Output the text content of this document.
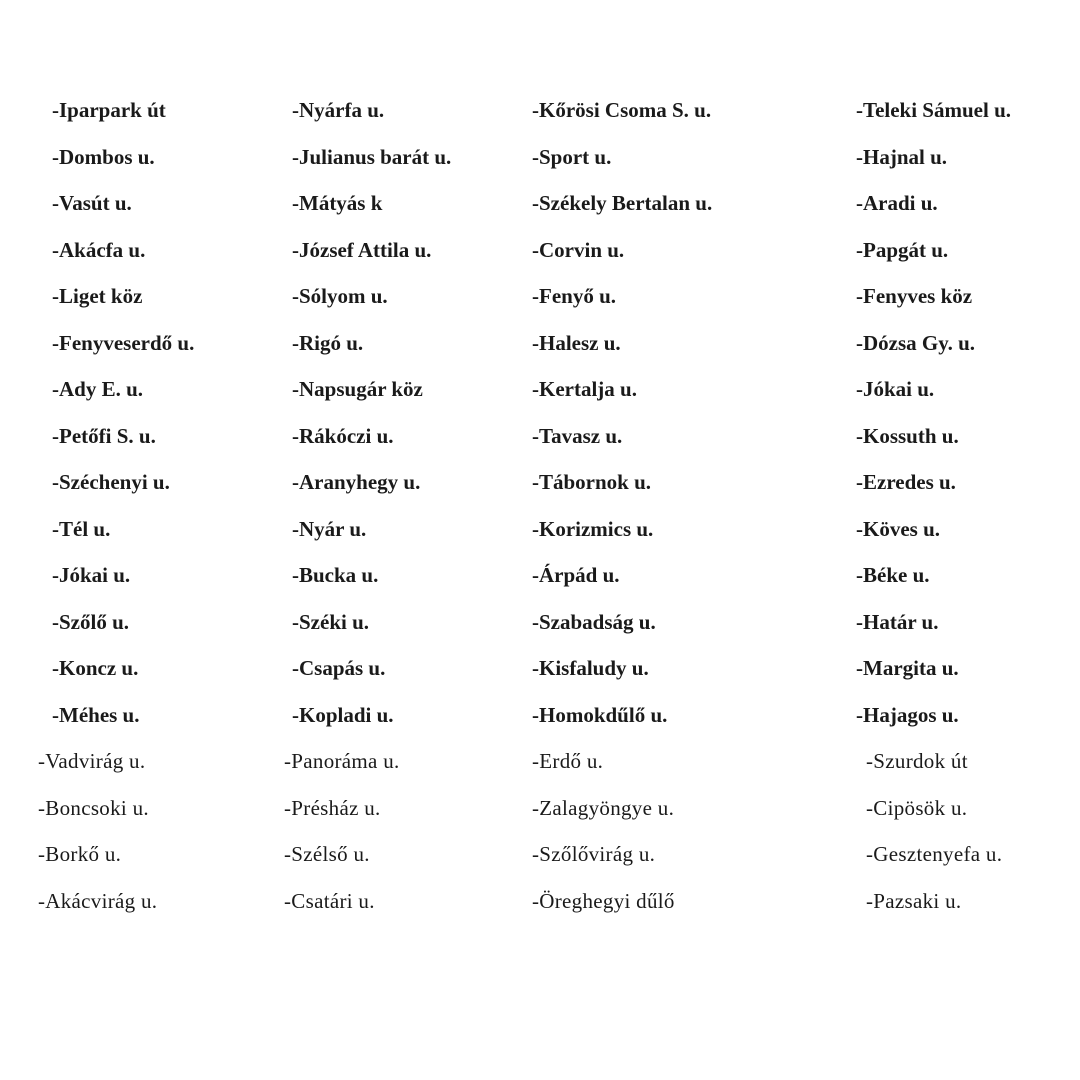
-Iparpark út
-Dombos u.
-Vasút u.
-Akácfa u.
-Liget köz
-Fenyveserdő u.
-Ady E. u.
-Petőfi S. u.
-Széchenyi u.
-Tél u.
-Jókai u.
-Szőlő u.
-Koncz u.
-Méhes u.
-Vadvirág u.
-Boncsoki u.
-Borkő u.
-Akácvirág u.
-Nyárfa u.
-Julianus barát u.
-Mátyás k
-József Attila u.
-Sólyom u.
-Rigó u.
-Napsugár köz
-Rákóczi u.
-Aranyhegy u.
-Nyár u.
-Bucka u.
-Széki u.
-Csapás u.
-Kopladi u.
-Panoráma u.
-Présház u.
-Szélső u.
-Csatári u.
-Kőrösi Csoma S. u.
-Sport u.
-Székely Bertalan u.
-Corvin u.
-Fenyő u.
-Halesz u.
-Kertalja u.
-Tavasz u.
-Tábornok u.
-Korizmics u.
-Árpád u.
-Szabadság u.
-Kisfaludy u.
-Homokdűlő u.
-Erdő u.
-Zalagyöngye u.
-Szőlővirág u.
-Öreghegyi dűlő
-Teleki Sámuel u.
-Hajnal u.
-Aradi u.
-Papgát u.
-Fenyves köz
-Dózsa Gy. u.
-Jókai u.
-Kossuth u.
-Ezredes u.
-Köves u.
-Béke u.
-Határ u.
-Margita u.
-Hajagos u.
-Szurdok út
-Cipösök u.
-Gesztenyefa u.
-Pazsaki u.
